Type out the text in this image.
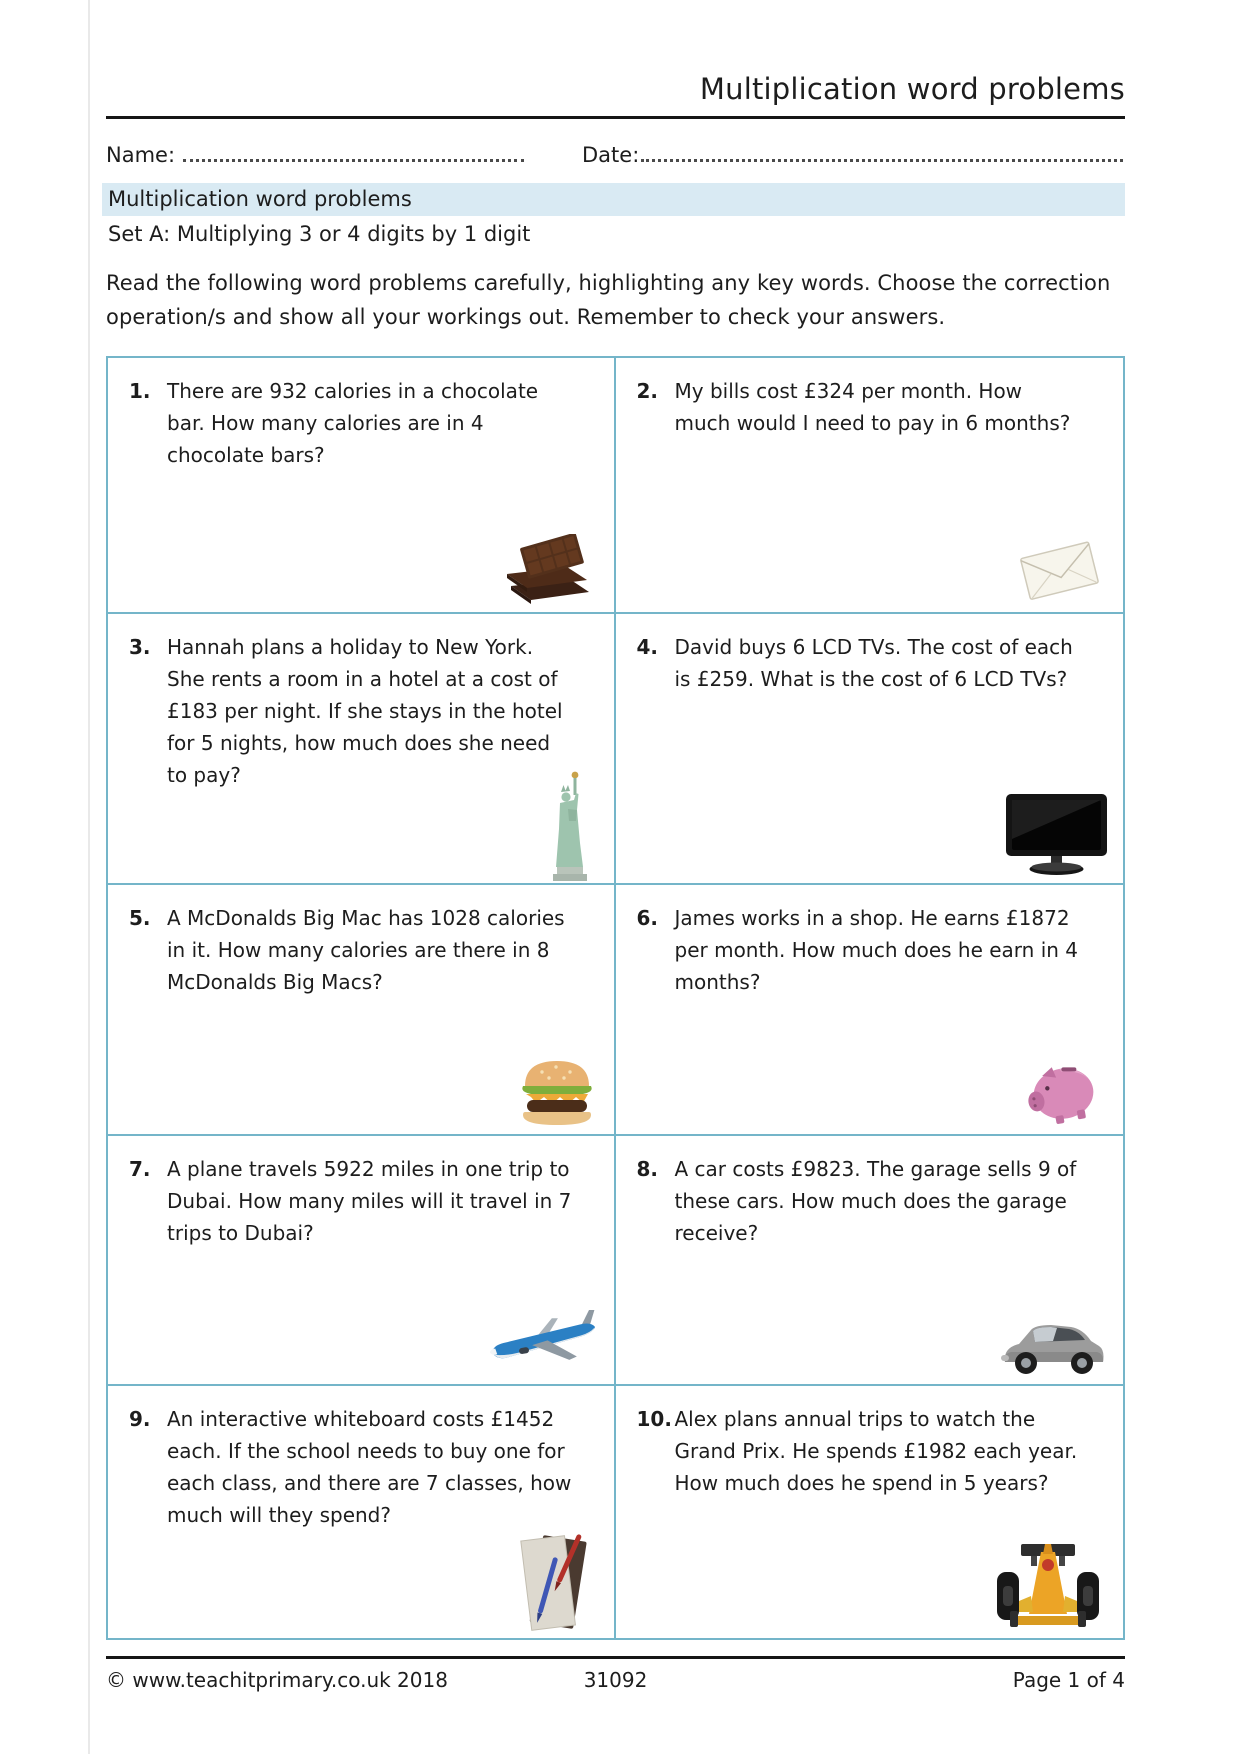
Multiplication word problems
Name:	Date:
Multiplication word problems
Set A: Multiplying 3 or 4 digits by 1 digit

Read the following word problems carefully, highlighting any key words. Choose the correction operation/s and show all your workings out. Remember to check your answers.

1. There are 932 calories in a chocolate bar. How many calories are in 4 chocolate bars?
2. My bills cost £324 per month. How much would I need to pay in 6 months?
3. Hannah plans a holiday to New York. She rents a room in a hotel at a cost of £183 per night. If she stays in the hotel for 5 nights, how much does she need to pay?
4. David buys 6 LCD TVs. The cost of each is £259. What is the cost of 6 LCD TVs?
5. A McDonalds Big Mac has 1028 calories in it. How many calories are there in 8 McDonalds Big Macs?
6. James works in a shop. He earns £1872 per month. How much does he earn in 4 months?
7. A plane travels 5922 miles in one trip to Dubai. How many miles will it travel in 7 trips to Dubai?
8. A car costs £9823. The garage sells 9 of these cars. How much does the garage receive?
9. An interactive whiteboard costs £1452 each. If the school needs to buy one for each class, and there are 7 classes, how much will they spend?
10. Alex plans annual trips to watch the Grand Prix. He spends £1982 each year. How much does he spend in 5 years?
© www.teachitprimary.co.uk 2018	31092	Page 1 of 4
